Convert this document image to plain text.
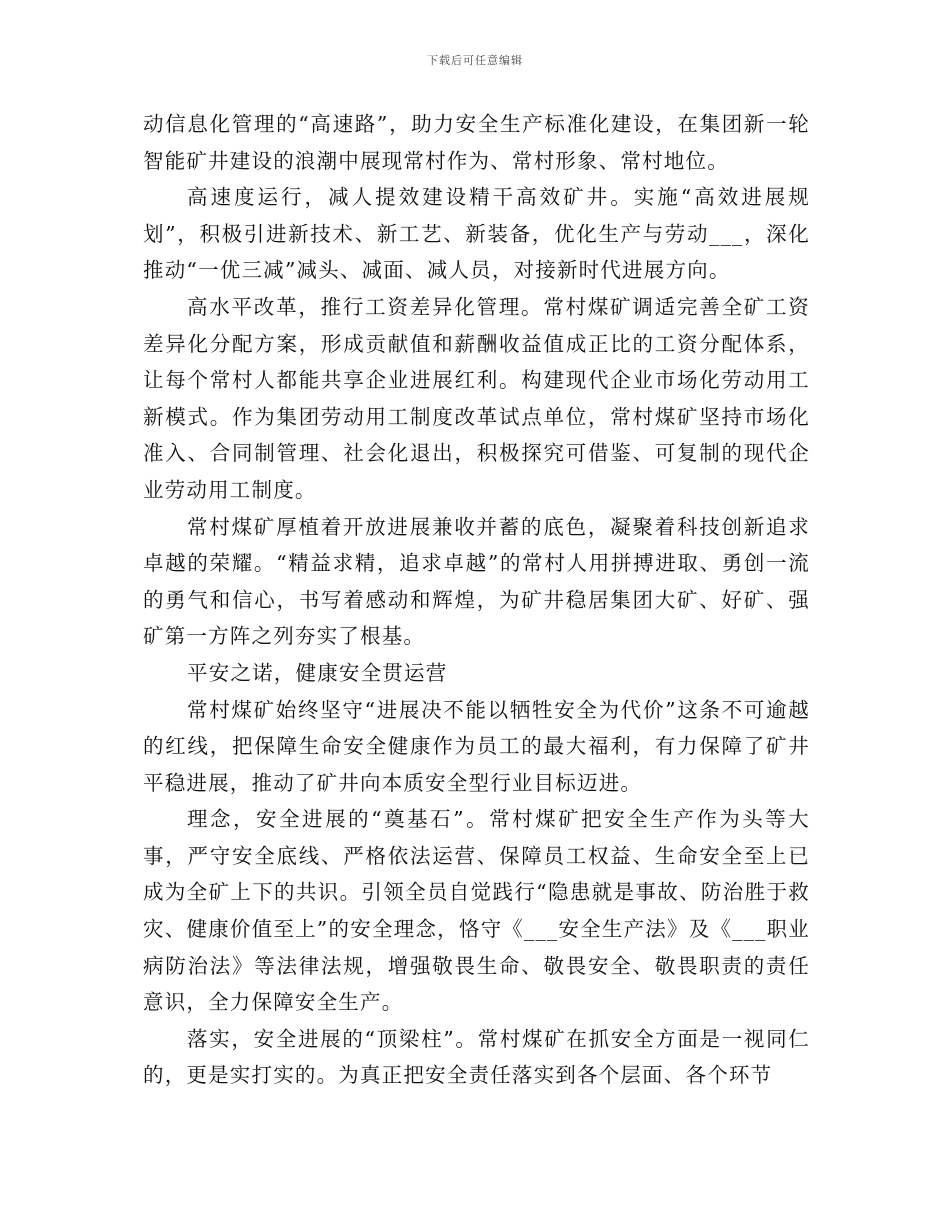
下载后可任意编辑

动信息化管理的“高速路”，助力安全生产标准化建设，在集团新一轮智能矿井建设的浪潮中展现常村作为、常村形象、常村地位。

高速度运行，减人提效建设精干高效矿井。实施“高效进展规划”，积极引进新技术、新工艺、新装备，优化生产与劳动___，深化推动“一优三减”减头、减面、减人员，对接新时代进展方向。

高水平改革，推行工资差异化管理。常村煤矿调适完善全矿工资差异化分配方案，形成贡献值和薪酬收益值成正比的工资分配体系，让每个常村人都能共享企业进展红利。构建现代企业市场化劳动用工新模式。作为集团劳动用工制度改革试点单位，常村煤矿坚持市场化准入、合同制管理、社会化退出，积极探究可借鉴、可复制的现代企业劳动用工制度。

常村煤矿厚植着开放进展兼收并蓄的底色，凝聚着科技创新追求卓越的荣耀。“精益求精，追求卓越”的常村人用拼搏进取、勇创一流的勇气和信心，书写着感动和辉煌，为矿井稳居集团大矿、好矿、强矿第一方阵之列夯实了根基。

平安之诺，健康安全贯运营

常村煤矿始终坚守“进展决不能以牺牲安全为代价”这条不可逾越的红线，把保障生命安全健康作为员工的最大福利，有力保障了矿井平稳进展，推动了矿井向本质安全型行业目标迈进。

理念，安全进展的“奠基石”。常村煤矿把安全生产作为头等大事，严守安全底线、严格依法运营、保障员工权益、生命安全至上已成为全矿上下的共识。引领全员自觉践行“隐患就是事故、防治胜于救灾、健康价值至上”的安全理念，恪守《___安全生产法》及《___职业病防治法》等法律法规，增强敬畏生命、敬畏安全、敬畏职责的责任意识，全力保障安全生产。

落实，安全进展的“顶梁柱”。常村煤矿在抓安全方面是一视同仁的，更是实打实的。为真正把安全责任落实到各个层面、各个环节
